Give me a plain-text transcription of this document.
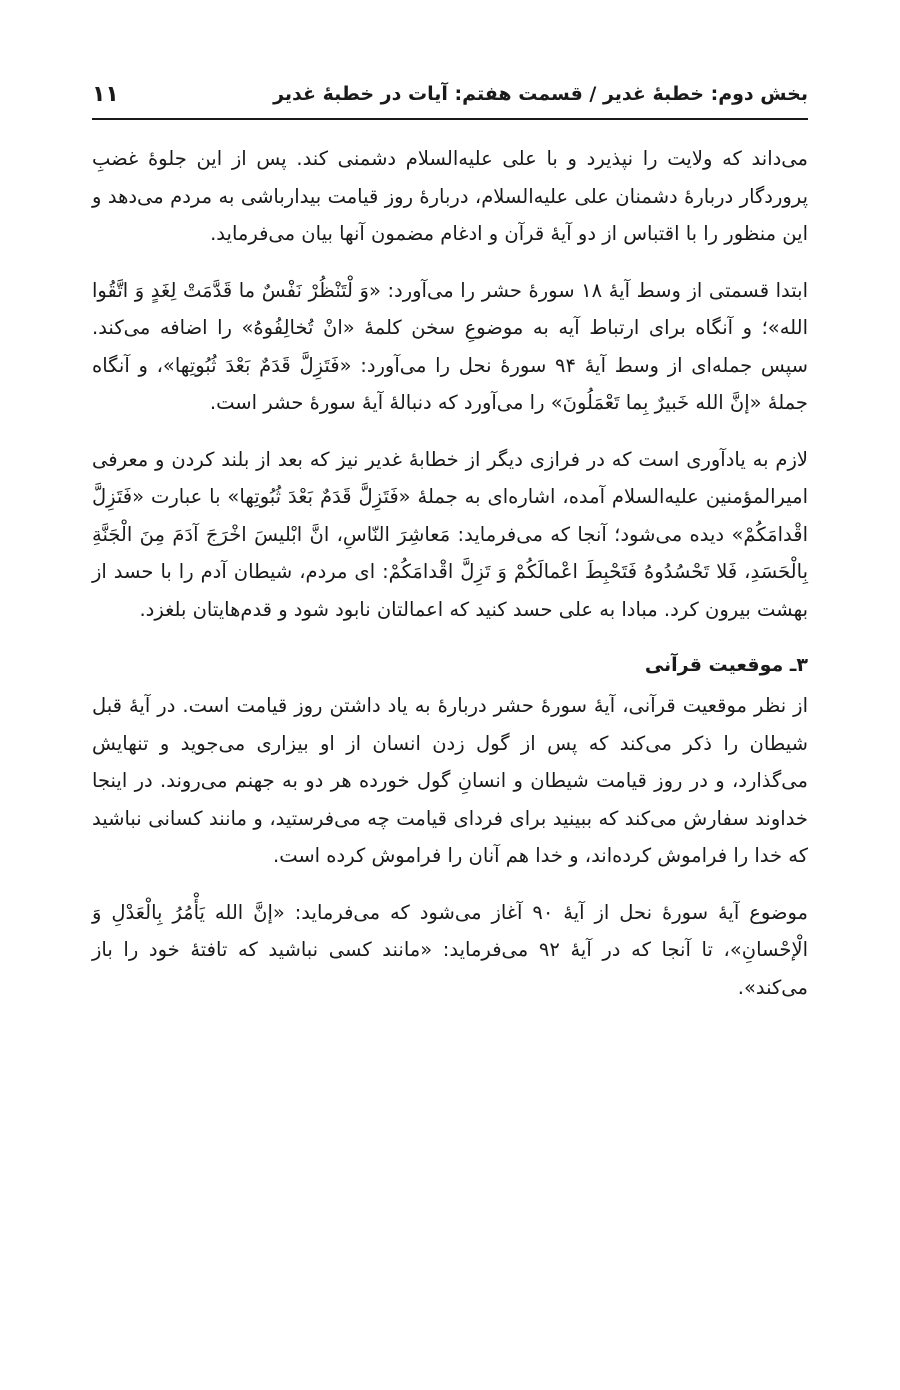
بخش دوم: خطبهٔ غدیر / قسمت هفتم: آیات در خطبهٔ غدیر
۱۱

می‌داند که ولایت را نپذیرد و با علی علیه‌السلام دشمنی کند. پس از این جلوهٔ غضبِ پروردگار دربارهٔ دشمنان علی علیه‌السلام، دربارهٔ روز قیامت بیدارباشی به مردم می‌دهد و این منظور را با اقتباس از دو آیهٔ قرآن و ادغام مضمون آنها بیان می‌فرماید.

ابتدا قسمتی از وسط آیهٔ ۱۸ سورهٔ حشر را می‌آورد: «وَ لْتَنْظُرْ نَفْسٌ ما قَدَّمَتْ لِغَدٍ وَ اتَّقُوا الله»؛ و آنگاه برای ارتباط آیه به موضوعِ سخن کلمهٔ «انْ تُخالِفُوهُ» را اضافه می‌کند. سپس جمله‌ای از وسط آیهٔ ۹۴ سورهٔ نحل را می‌آورد: «فَتَزِلَّ قَدَمٌ بَعْدَ ثُبُوتِها»، و آنگاه جملهٔ «إنَّ الله خَبيرٌ بِما تَعْمَلُونَ» را می‌آورد که دنبالهٔ آیهٔ سورهٔ حشر است.

لازم به یادآوری است که در فرازی دیگر از خطابهٔ غدیر نیز که بعد از بلند کردن و معرفی امیرالمؤمنین علیه‌السلام آمده، اشاره‌ای به جملهٔ «فَتَزِلَّ قَدَمٌ بَعْدَ ثُبُوتِها» با عبارت «فَتَزِلَّ اقْدامَكُمْ» دیده می‌شود؛ آنجا که می‌فرماید: مَعاشِرَ النّاسِ، انَّ ابْليسَ اخْرَجَ آدَمَ مِنَ الْجَنَّةِ بِالْحَسَدِ، فَلا تَحْسُدُوهُ فَتَحْبِطَ اعْمالَكُمْ وَ تَزِلَّ اقْدامَكُمْ: ای مردم، شیطان آدم را با حسد از بهشت بیرون کرد. مبادا به علی حسد کنید که اعمالتان نابود شود و قدم‌هایتان بلغزد.

۳ـ موقعیت قرآنی

از نظر موقعیت قرآنی، آیهٔ سورهٔ حشر دربارهٔ به یاد داشتن روز قیامت است. در آیهٔ قبل شیطان را ذکر می‌کند که پس از گول زدن انسان از او بیزاری می‌جوید و تنهایش می‌گذارد، و در روز قیامت شیطان و انسانِ گول خورده هر دو به جهنم می‌روند. در اینجا خداوند سفارش می‌کند که ببینید برای فردای قیامت چه می‌فرستید، و مانند کسانی نباشید که خدا را فراموش کرده‌اند، و خدا هم آنان را فراموش کرده است.

موضوع آیهٔ سورهٔ نحل از آیهٔ ۹۰ آغاز می‌شود که می‌فرماید: «إنَّ الله يَأْمُرُ بِالْعَدْلِ وَ الْإحْسانِ»، تا آنجا که در آیهٔ ۹۲ می‌فرماید: «مانند کسی نباشید که تافتهٔ خود را باز می‌کند».
